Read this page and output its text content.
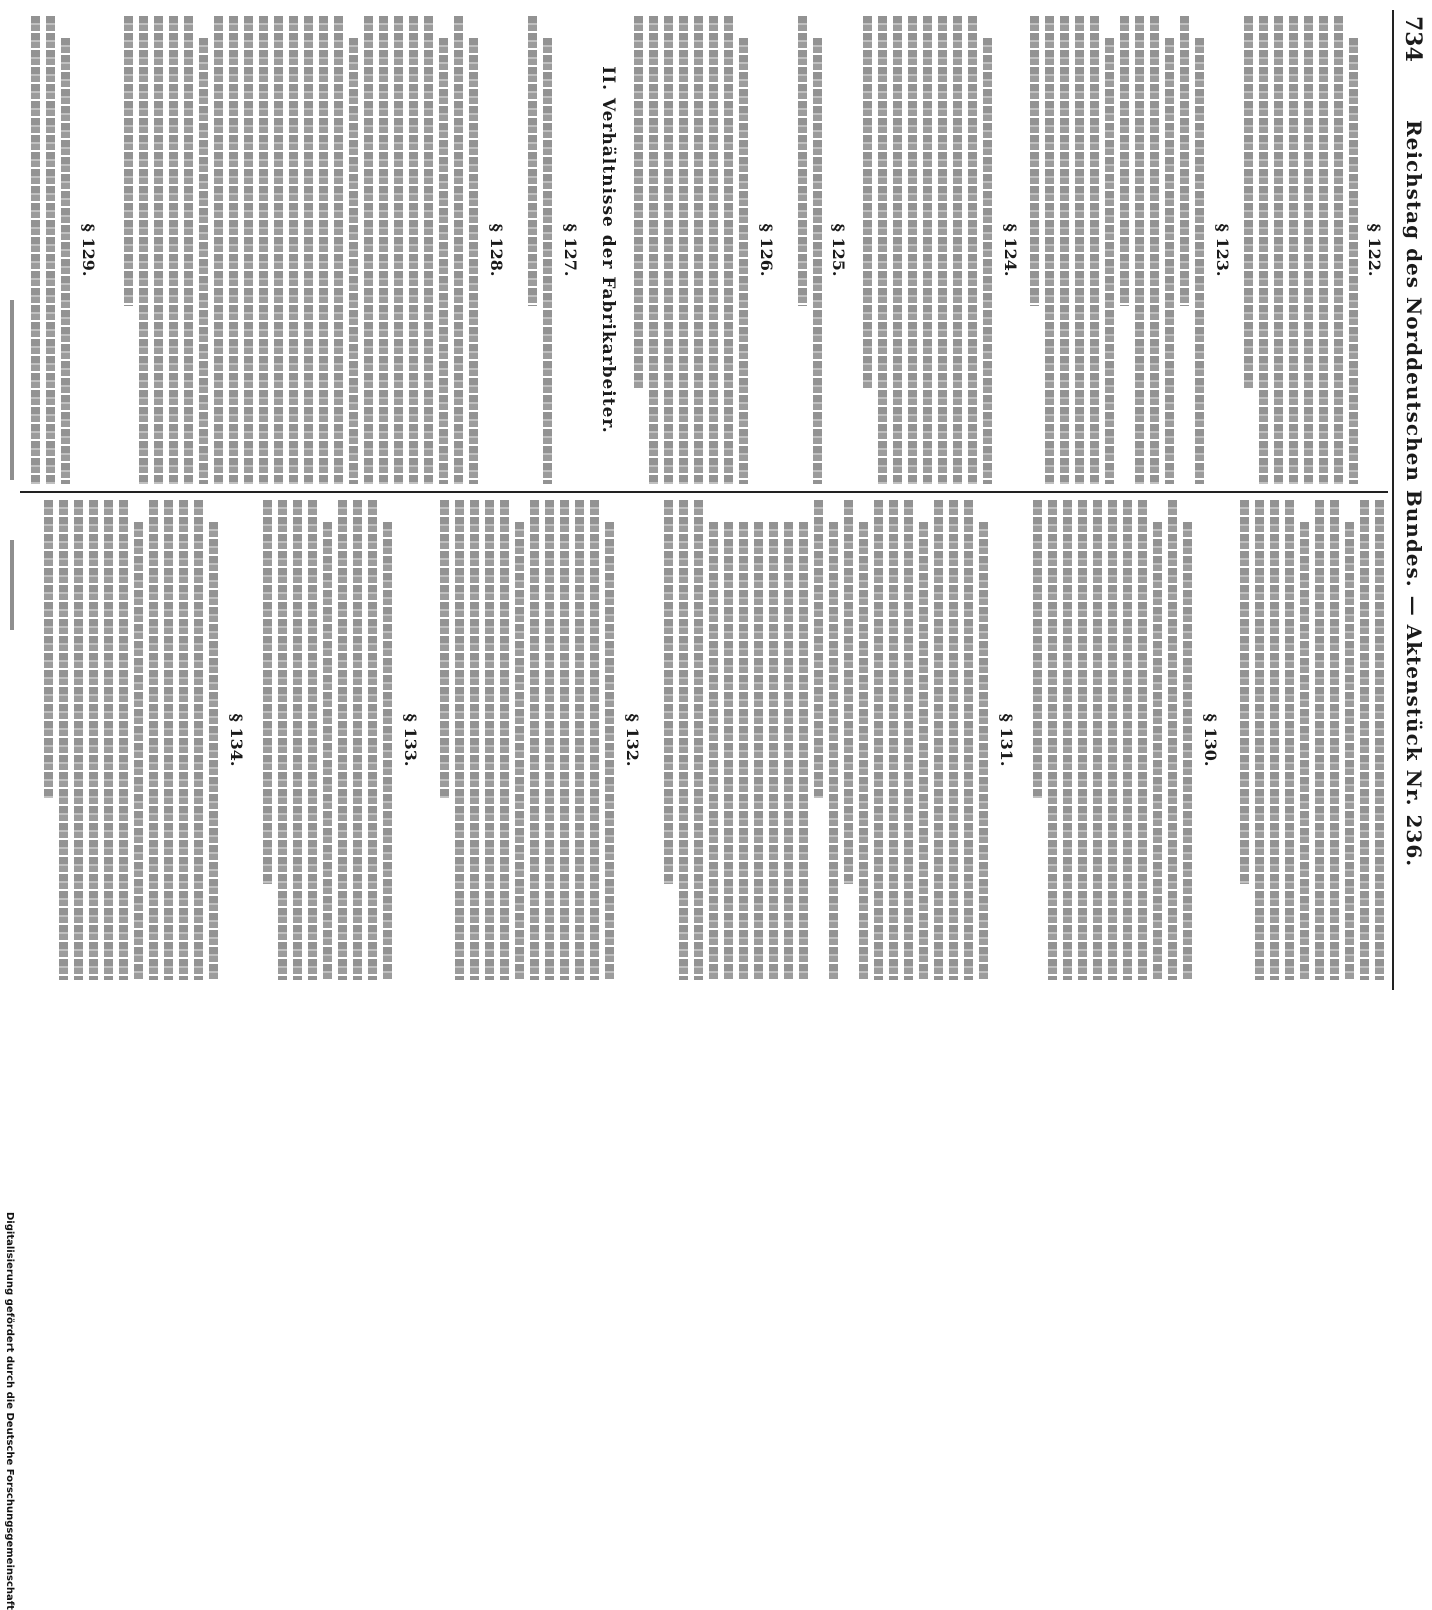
Digitalisierung gefördert durch die Deutsche Forschungsgemeinschaft
734
Reichstag des Norddeutschen Bundes. — Aktenstück Nr. 236.
§ 122.
§ 123.
§ 124.
§ 125.
§ 126.
II. Verhältnisse der Fabrikarbeiter.
§ 127.
§ 128.
§ 129.
§ 130.
§ 131.
§ 132.
§ 133.
§ 134.
